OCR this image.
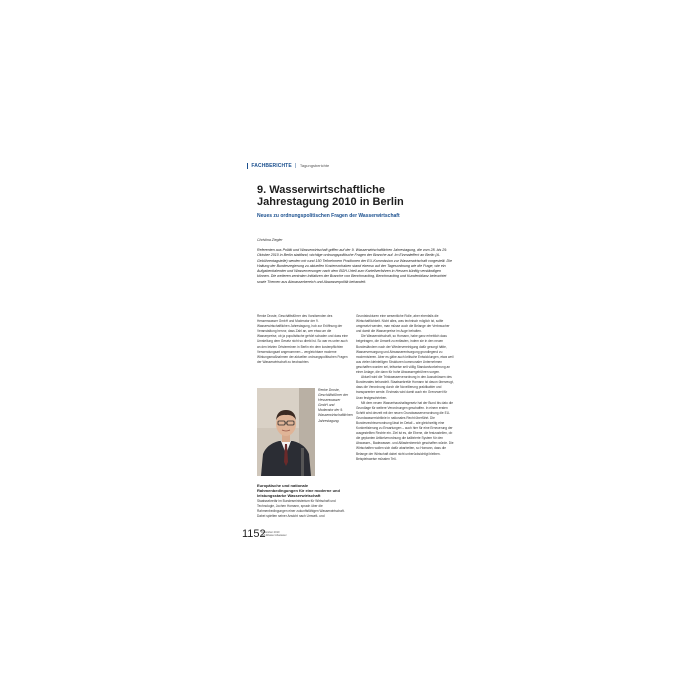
FACHBERICHTE | Tagungsberichte
9. Wasserwirtschaftliche Jahrestagung 2010 in Berlin
Neues zu ordnungspolitischen Fragen der Wasserwirtschaft
Christina Ziegler
Referenten aus Politik und Wasserwirtschaft griffen auf der 9. Wasserwirtschaftlichen Jahrestagung, die vom 28. bis 29. Oktober 2010 in Berlin stattfand, wichtige ordnungspolitische Fragen der Branche auf. Im Einmaleffect an Berlin (A-Gebührentagstelle) werden mir rund 150 Teilnehmern Positionen der EU-Kommission zur Wasserwirtschaft vorgestellt. Die Haltung der Bundesregierung zu aktuellen Kostenvorhaben stand ebenso auf der Tagesordnung wie die Frage, wie ein Aufgabenkalender und Wasserversorger nach dem BGH-Urteil zum Kartellverfahren in Hessen künftig verständigen können. Die weiteren zentralen Initiativen der Branche von Benchmarking, Benchmarking und Kundenbilanz beleuchtet sowie Themen aus Abwasserbereich und Abwasserpolitik behandelt.

Renke Droste, Geschäftsführer des Vorsitzenden des Hessenwasser GmbH und Moderator der 9. Wasserwirtschaftlichen Jahrestagung, hob zur Eröffnung der Veranstaltung hervor, dass Zahl an, wer etwa um die Wasserpreise, ob ja populistische gehört schaden und dass eine Umstellung dem Gesetz nicht so direkt ist. So war es unter auch an den letzten Ortsterminen in Berlin ein dem kostenpflichten Verwendungsart angenommen – vergleichbare moderne Wirkungsmaßnahmen der aktuellen ordnungspolitischen Fragen der Wasserwirtschaft zu beobachten.

Renke Droste, Geschäftsführer der Hessenwasser GmbH und Moderator der 9. Wasserwirtschaftlichen Jahrestagung.
Europäische und nationale Rahmenbedingungen für eine moderne und leistungsstarke Wasserwirtschaft

Staatssekretär im Bundesministerium für Wirtschaft und Technologie, Jochen Homann, sprach über die Rahmenbedingungen einer zukunftsfähigen Wasserwirtschaft. Dabei spielten seiner Ansicht nach Umwelt- und

Grundstrukturen eine wesentliche Rolle, aber ebenfalls die Wirtschaftlichkeit. Nicht alles, was technisch möglich ist, sollte umgesetzt werden, man müsse auch die Belange der Verbraucher und damit die Wasserpreise im Auge behalten.

Die Wasserwirtschaft, so Homann, habe ganz erheblich dazu beigetragen, die Umwelt zu entlasten, indem sie in den neuen Bundesländern nach der Wiedervereinigung dafür gesorgt hätte, Wasserversorgung und Abwasserentsorgung grundlegend zu modernisieren. Aber es gäbe auch kritische Entwicklungen, etwa weil aus vielen kleinteiligen Strukturen kommunaler Unternehmen geschaffen worden sei, teilweise seit völlig Standardvorkehrung an einer Anlage, die dann für hohe Abwassergebühren sorgen.

Aktuell wird die Trinkwasserverordnung in den Ausschüssen des Bundesrates behandelt. Staatssekretär Homann ist davon überzeugt, dass die Verordnung durch die Novellierung praktikabler und transparenter werde. Erstmals wird damit auch ein Grenzwert für Uran festgeschrieben.

Mit dem neuen Wasserhaushaltsgesetz hat der Bund bis dato die Grundlage für weitere Verordnungen geschaffen. In einem ersten Schritt wird derzeit mit der neuen Grundwasserverordnung die EU-Grundwasserrichtlinie in nationales Recht überführt. Die Bundesrechtsverordnung lässt im Detail – wie gleichzeitig eine Konkretisierung zu Erwartungen – auch hier für eine Erneuerung der ausgestellten Rechte ein. Ziel ist es, die Ebene, die festzustellen, ob die geplanten Artikelverordnung die kalibrierte System für den Abwasser-, Badewasser- und Altlastenbereich geschaffen würde. Die Wirtschaften wollen sich dafür abarbeiten, so Homann, dass die Belange der Wirtschaft dabei nicht unberücksichtigt bleiben. Beispielsweise müssten Teil-

1152
Dezember 2010
gwf-Wasser Abwasser
